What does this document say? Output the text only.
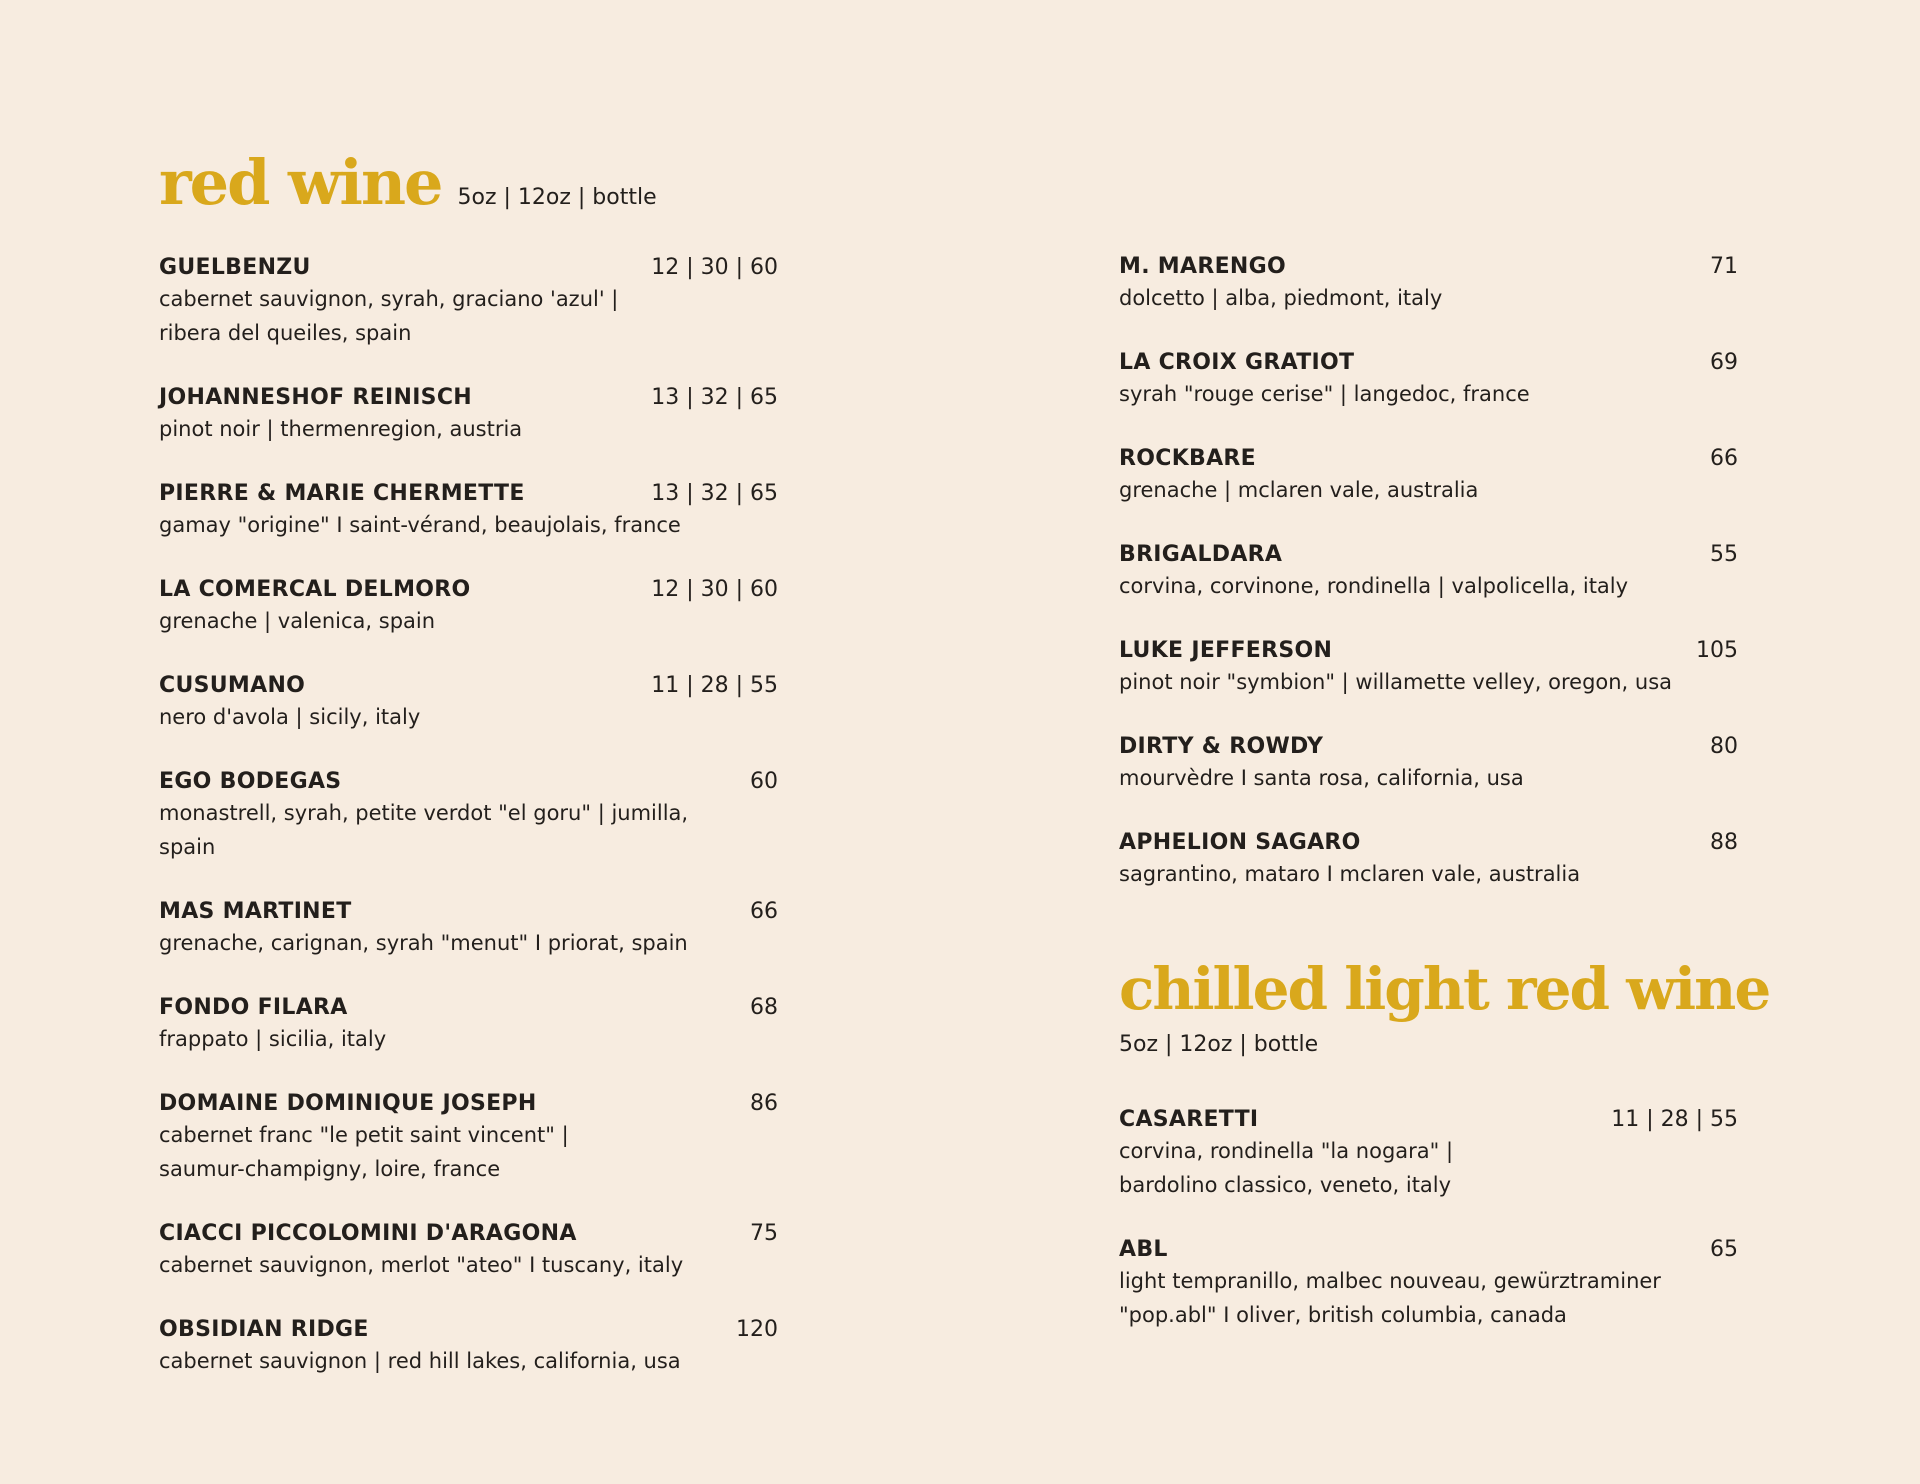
red wine 5oz | 12oz | bottle
GUELBENZU	12 | 30 | 60
cabernet sauvignon, syrah, graciano 'azul' |
ribera del queiles, spain
JOHANNESHOF REINISCH	13 | 32 | 65
pinot noir | thermenregion, austria
PIERRE & MARIE CHERMETTE	13 | 32 | 65
gamay "origine" I saint-vérand, beaujolais, france
LA COMERCAL DELMORO	12 | 30 | 60
grenache | valenica, spain
CUSUMANO	11 | 28 | 55
nero d'avola | sicily, italy
EGO BODEGAS	60
monastrell, syrah, petite verdot "el goru" | jumilla, spain
MAS MARTINET	66
grenache, carignan, syrah "menut" I priorat, spain
FONDO FILARA	68
frappato | sicilia, italy
DOMAINE DOMINIQUE JOSEPH	86
cabernet franc "le petit saint vincent" |
saumur-champigny, loire, france
CIACCI PICCOLOMINI D'ARAGONA	75
cabernet sauvignon, merlot "ateo" I tuscany, italy
OBSIDIAN RIDGE	120
cabernet sauvignon | red hill lakes, california, usa
M. MARENGO	71
dolcetto | alba, piedmont, italy
LA CROIX GRATIOT	69
syrah "rouge cerise" | langedoc, france
ROCKBARE	66
grenache | mclaren vale, australia
BRIGALDARA	55
corvina, corvinone, rondinella | valpolicella, italy
LUKE JEFFERSON	105
pinot noir "symbion" | willamette velley, oregon, usa
DIRTY & ROWDY	80
mourvèdre I santa rosa, california, usa
APHELION SAGARO	88
sagrantino, mataro I mclaren vale, australia
chilled light red wine
5oz | 12oz | bottle
CASARETTI	11 | 28 | 55
corvina, rondinella "la nogara" |
bardolino classico, veneto, italy
ABL	65
light tempranillo, malbec nouveau, gewürztraminer
"pop.abl" I oliver, british columbia, canada
